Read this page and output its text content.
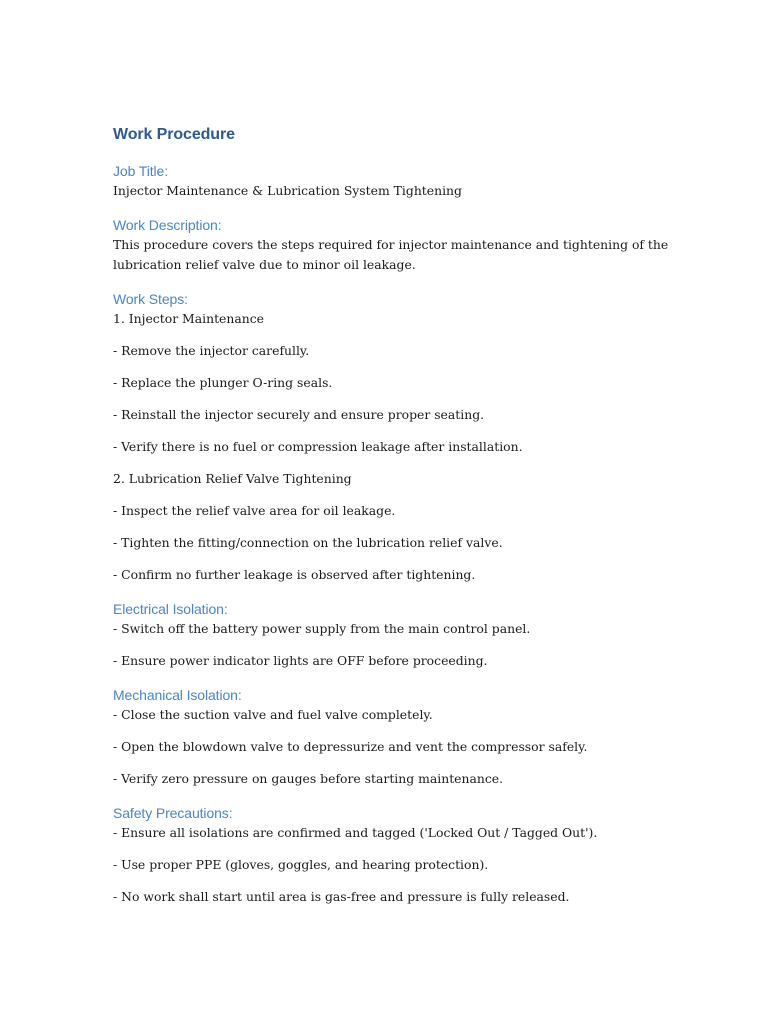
Work Procedure
Job Title:

Injector Maintenance & Lubrication System Tightening

Work Description:

This procedure covers the steps required for injector maintenance and tightening of the

lubrication relief valve due to minor oil leakage.

Work Steps:

1. Injector Maintenance

- Remove the injector carefully.

- Replace the plunger O-ring seals.

- Reinstall the injector securely and ensure proper seating.

- Verify there is no fuel or compression leakage after installation.

2. Lubrication Relief Valve Tightening

- Inspect the relief valve area for oil leakage.

- Tighten the fitting/connection on the lubrication relief valve.

- Confirm no further leakage is observed after tightening.

Electrical Isolation:

- Switch off the battery power supply from the main control panel.

- Ensure power indicator lights are OFF before proceeding.

Mechanical Isolation:

- Close the suction valve and fuel valve completely.

- Open the blowdown valve to depressurize and vent the compressor safely.

- Verify zero pressure on gauges before starting maintenance.

Safety Precautions:

- Ensure all isolations are confirmed and tagged ('Locked Out / Tagged Out').

- Use proper PPE (gloves, goggles, and hearing protection).

- No work shall start until area is gas-free and pressure is fully released.
